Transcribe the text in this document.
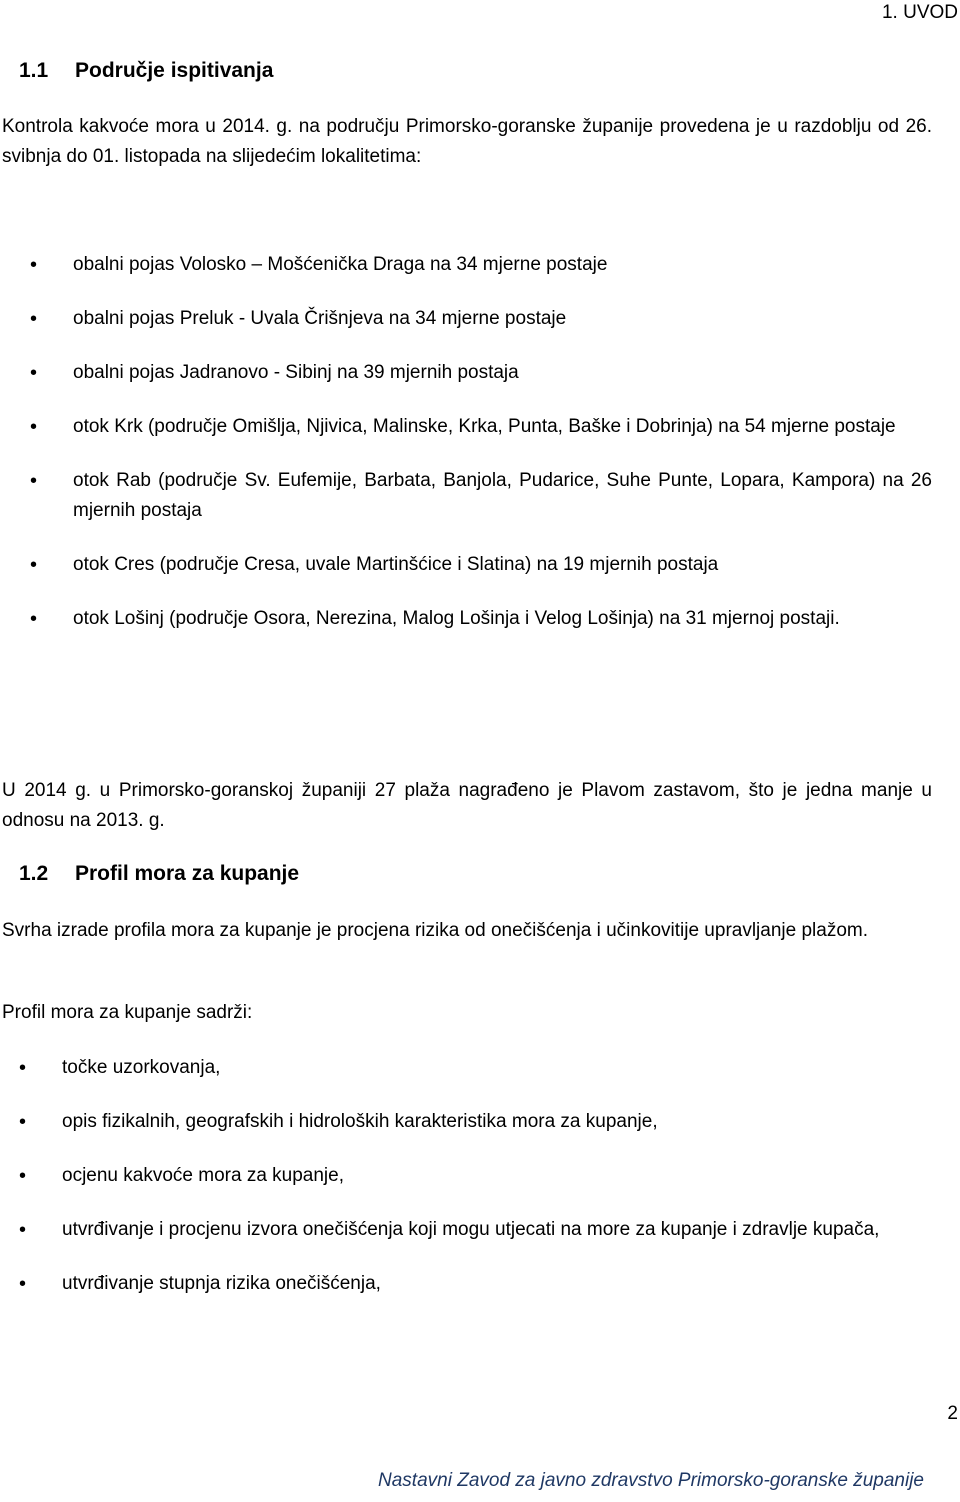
1. UVOD
1.1 Područje ispitivanja
Kontrola kakvoće mora u 2014. g. na području Primorsko-goranske županije provedena je u razdoblju od 26. svibnja do 01. listopada na slijedećim lokalitetima:
• obalni pojas Volosko – Mošćenička Draga na 34 mjerne postaje
• obalni pojas Preluk - Uvala Črišnjeva na 34 mjerne postaje
• obalni pojas Jadranovo - Sibinj na 39 mjernih postaja
• otok Krk (područje Omišlja, Njivica, Malinske, Krka, Punta, Baške i Dobrinja) na 54 mjerne postaje
• otok Rab (područje Sv. Eufemije, Barbata, Banjola, Pudarice, Suhe Punte, Lopara, Kampora) na 26 mjernih postaja
• otok Cres (područje Cresa, uvale Martinšćice i Slatina) na 19 mjernih postaja
• otok Lošinj (područje Osora, Nerezina, Malog Lošinja i Velog Lošinja) na 31 mjernoj postaji.
U 2014 g. u Primorsko-goranskoj županiji 27 plaža nagrađeno je Plavom zastavom, što je jedna manje u odnosu na 2013. g.
1.2 Profil mora za kupanje
Svrha izrade profila mora za kupanje je procjena rizika od onečišćenja i učinkovitije upravljanje plažom.
Profil mora za kupanje sadrži:
• točke uzorkovanja,
• opis fizikalnih, geografskih i hidroloških karakteristika mora za kupanje,
• ocjenu kakvoće mora za kupanje,
• utvrđivanje i procjenu izvora onečišćenja koji mogu utjecati na more za kupanje i zdravlje kupača,
• utvrđivanje stupnja rizika onečišćenja,
2
Nastavni Zavod za javno zdravstvo Primorsko-goranske županije
